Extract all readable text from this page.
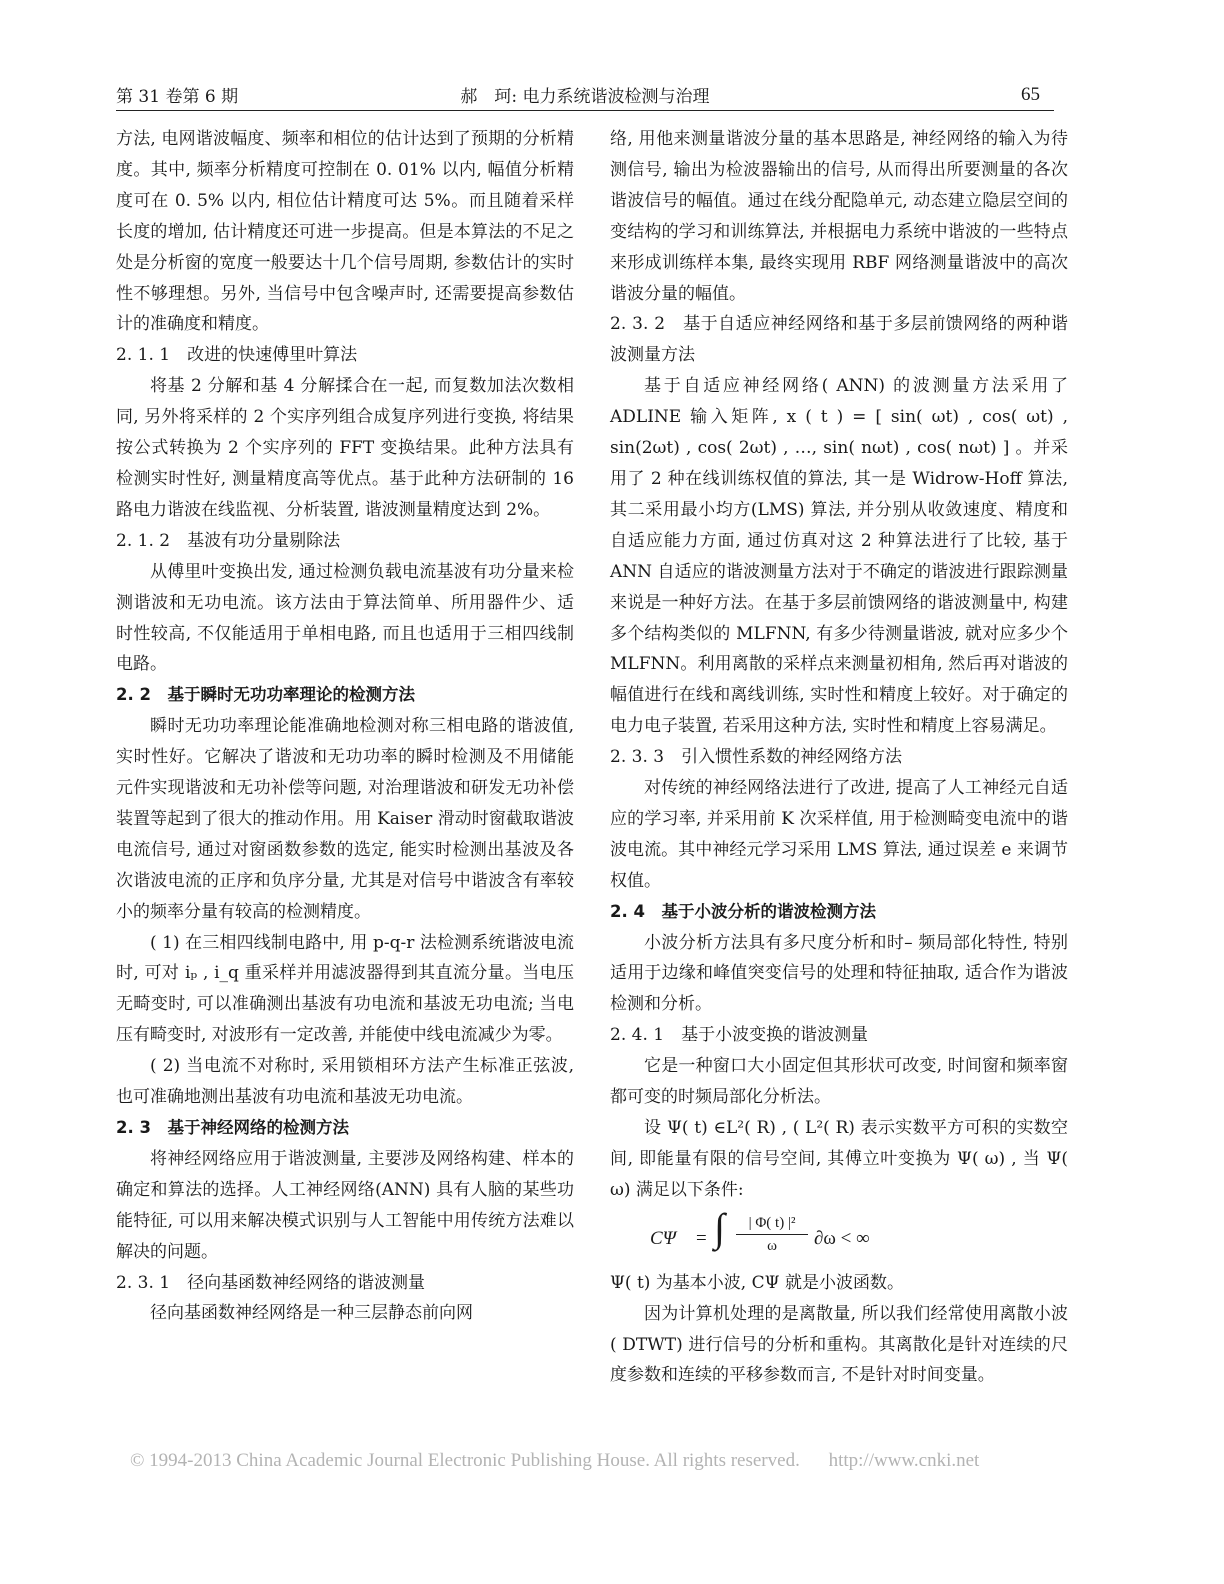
第 31 卷第 6 期	郝　珂: 电力系统谐波检测与治理	65

方法, 电网谐波幅度、频率和相位的估计达到了预期的分析精度。其中, 频率分析精度可控制在 0. 01% 以内, 幅值分析精度可在 0. 5% 以内, 相位估计精度可达 5%。而且随着采样长度的增加, 估计精度还可进一步提高。但是本算法的不足之处是分析窗的宽度一般要达十几个信号周期, 参数估计的实时性不够理想。另外, 当信号中包含噪声时, 还需要提高参数估计的准确度和精度。

2. 1. 1　改进的快速傅里叶算法

将基 2 分解和基 4 分解揉合在一起, 而复数加法次数相同, 另外将采样的 2 个实序列组合成复序列进行变换, 将结果按公式转换为 2 个实序列的 FFT 变换结果。此种方法具有检测实时性好, 测量精度高等优点。基于此种方法研制的 16 路电力谐波在线监视、分析装置, 谐波测量精度达到 2%。

2. 1. 2　基波有功分量剔除法

从傅里叶变换出发, 通过检测负载电流基波有功分量来检测谐波和无功电流。该方法由于算法简单、所用器件少、适时性较高, 不仅能适用于单相电路, 而且也适用于三相四线制电路。

2. 2　基于瞬时无功功率理论的检测方法

瞬时无功功率理论能准确地检测对称三相电路的谐波值, 实时性好。它解决了谐波和无功功率的瞬时检测及不用储能元件实现谐波和无功补偿等问题, 对治理谐波和研发无功补偿装置等起到了很大的推动作用。用 Kaiser 滑动时窗截取谐波电流信号, 通过对窗函数参数的选定, 能实时检测出基波及各次谐波电流的正序和负序分量, 尤其是对信号中谐波含有率较小的频率分量有较高的检测精度。

( 1) 在三相四线制电路中, 用 p-q-r 法检测系统谐波电流时, 可对 iₚ , i_q 重采样并用滤波器得到其直流分量。当电压无畸变时, 可以准确测出基波有功电流和基波无功电流; 当电压有畸变时, 对波形有一定改善, 并能使中线电流减少为零。

( 2) 当电流不对称时, 采用锁相环方法产生标准正弦波, 也可准确地测出基波有功电流和基波无功电流。

2. 3　基于神经网络的检测方法

将神经网络应用于谐波测量, 主要涉及网络构建、样本的确定和算法的选择。人工神经网络(ANN) 具有人脑的某些功能特征, 可以用来解决模式识别与人工智能中用传统方法难以解决的问题。

2. 3. 1　径向基函数神经网络的谐波测量

径向基函数神经网络是一种三层静态前向网

络, 用他来测量谐波分量的基本思路是, 神经网络的输入为待测信号, 输出为检波器输出的信号, 从而得出所要测量的各次谐波信号的幅值。通过在线分配隐单元, 动态建立隐层空间的变结构的学习和训练算法, 并根据电力系统中谐波的一些特点来形成训练样本集, 最终实现用 RBF 网络测量谐波中的高次谐波分量的幅值。

2. 3. 2　基于自适应神经网络和基于多层前馈网络的两种谐波测量方法

基于自适应神经网络( ANN) 的波测量方法采用了 ADLINE 输入矩阵, x ( t ) = [ sin( ωt) , cos( ωt) , sin(2ωt) , cos( 2ωt) , …, sin( nωt) , cos( nωt) ] 。并采用了 2 种在线训练权值的算法, 其一是 Widrow-Hoff 算法, 其二采用最小均方(LMS) 算法, 并分别从收敛速度、精度和自适应能力方面, 通过仿真对这 2 种算法进行了比较, 基于 ANN 自适应的谐波测量方法对于不确定的谐波进行跟踪测量来说是一种好方法。在基于多层前馈网络的谐波测量中, 构建多个结构类似的 MLFNN, 有多少待测量谐波, 就对应多少个 MLFNN。利用离散的采样点来测量初相角, 然后再对谐波的幅值进行在线和离线训练, 实时性和精度上较好。对于确定的电力电子装置, 若采用这种方法, 实时性和精度上容易满足。

2. 3. 3　引入惯性系数的神经网络方法

对传统的神经网络法进行了改进, 提高了人工神经元自适应的学习率, 并采用前 K 次采样值, 用于检测畸变电流中的谐波电流。其中神经元学习采用 LMS 算法, 通过误差 e 来调节权值。

2. 4　基于小波分析的谐波检测方法

小波分析方法具有多尺度分析和时– 频局部化特性, 特别适用于边缘和峰值突变信号的处理和特征抽取, 适合作为谐波检测和分析。

2. 4. 1　基于小波变换的谐波测量

它是一种窗口大小固定但其形状可改变, 时间窗和频率窗都可变的时频局部化分析法。

设 Ψ( t) ∈L²( R) , ( L²( R) 表示实数平方可积的实数空间, 即能量有限的信号空间, 其傅立叶变换为 Ψ( ω) , 当 Ψ( ω) 满足以下条件:

CΨ = ∫ $\frac{\text{| Φ( t) |²}}{\omega} \partial\omega$ < ∞

Ψ( t) 为基本小波, CΨ 就是小波函数。

因为计算机处理的是离散量, 所以我们经常使用离散小波( DTWT) 进行信号的分析和重构。其离散化是针对连续的尺度参数和连续的平移参数而言, 不是针对时间变量。

© 1994-2013 China Academic Journal Electronic Publishing House. All rights reserved. http://www.cnki.net
